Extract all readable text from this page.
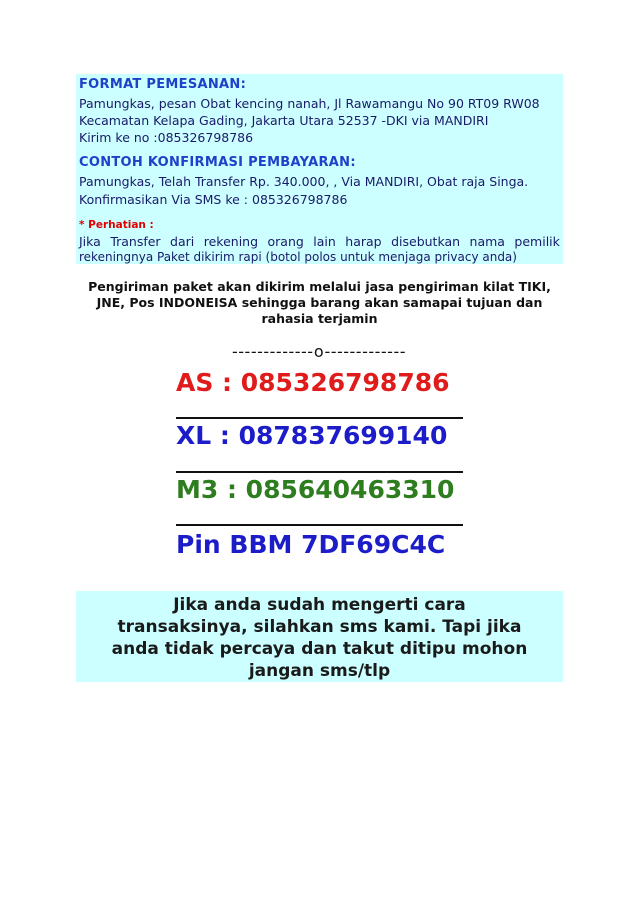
FORMAT PEMESANAN:
Pamungkas, pesan Obat kencing nanah, Jl Rawamangu No 90 RT09 RW08
Kecamatan Kelapa Gading, Jakarta Utara 52537 -DKI via MANDIRI
Kirim ke no :085326798786
CONTOH KONFIRMASI PEMBAYARAN:
Pamungkas, Telah Transfer Rp. 340.000, , Via MANDIRI, Obat raja Singa.
Konfirmasikan Via SMS ke : 085326798786
* Perhatian :
Jika Transfer dari rekening orang lain harap disebutkan nama pemilik
rekeningnya Paket dikirim rapi (botol polos untuk menjaga privacy anda)
Pengiriman paket akan dikirim melalui jasa pengiriman kilat TIKI,
JNE, Pos INDONEISA sehingga barang akan samapai tujuan dan
rahasia terjamin
-------------o-------------
AS : 085326798786
XL : 087837699140
M3 : 085640463310
Pin BBM 7DF69C4C
Jika anda sudah mengerti cara
transaksinya, silahkan sms kami. Tapi jika
anda tidak percaya dan takut ditipu mohon
jangan sms/tlp
